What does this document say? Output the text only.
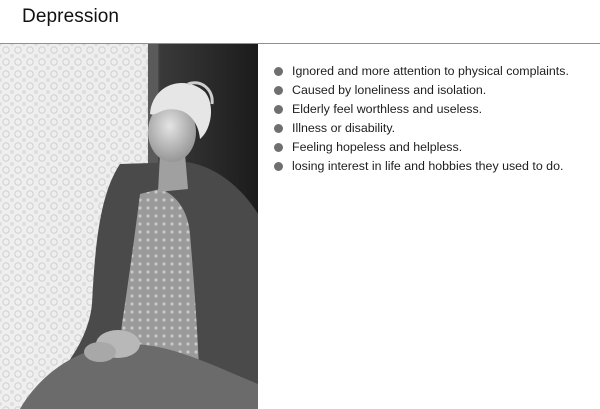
Depression
Ignored and more attention to physical complaints.
Caused by loneliness and isolation.
Elderly feel worthless and useless.
Illness or disability.
Feeling hopeless and helpless.
losing interest in life and hobbies they used to do.
